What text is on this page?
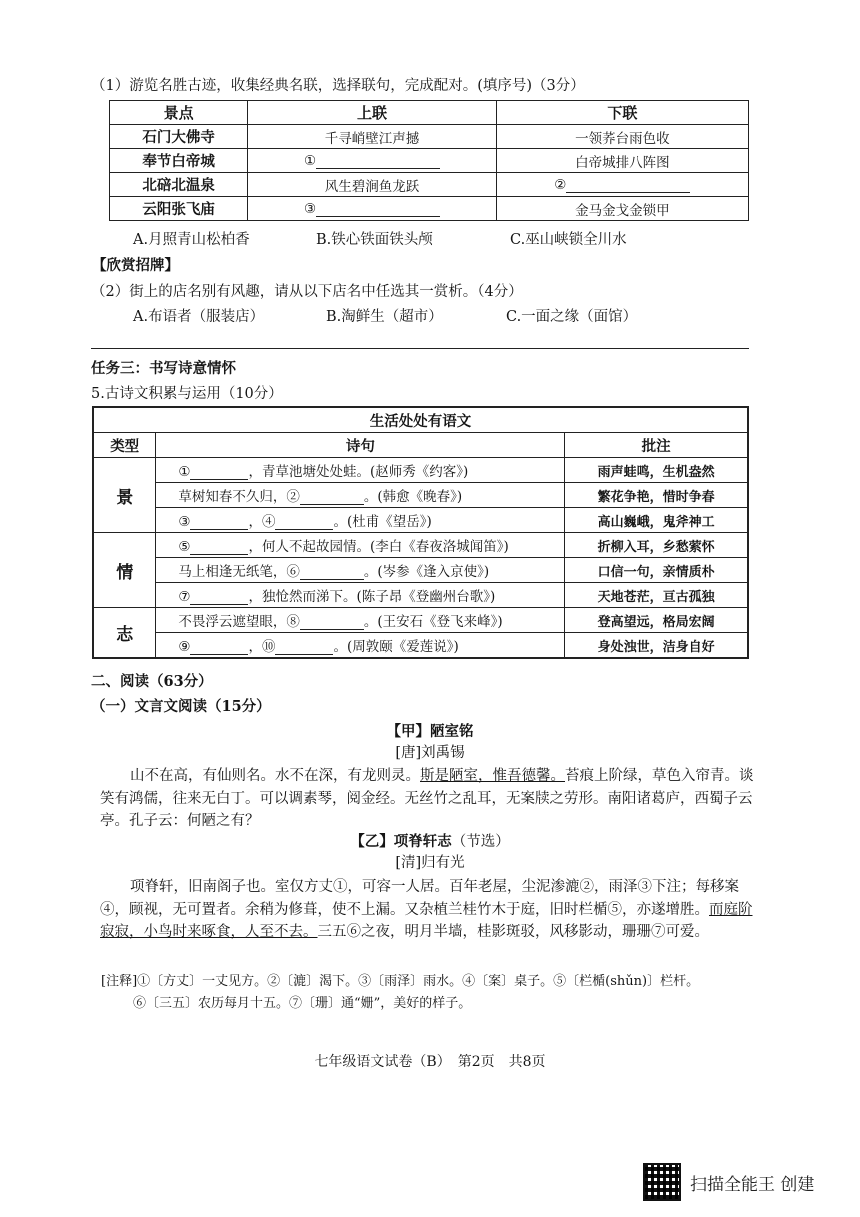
（1）游览名胜古迹，收集经典名联，选择联句，完成配对。(填序号)（3分）
景点	上联	下联
石门大佛寺	千寻峭壁江声撼	一领荞台雨色收
奉节白帝城	①	白帝城排八阵图
北碚北温泉	风生碧涧鱼龙跃	②
云阳张飞庙	③	金马金戈金锁甲
A.月照青山松柏香	B.铁心铁面铁头颅	C.巫山峡锁全川水
【欣赏招牌】
（2）街上的店名别有风趣，请从以下店名中任选其一赏析。（4分）
A.布语者（服装店）	B.淘鲜生（超市）	C.一面之缘（面馆）
任务三：书写诗意情怀
5.古诗文积累与运用（10分）
生活处处有语文		
类型	诗句	批注
景	① ，青草池塘处处蛙。(赵师秀《约客》)	雨声蛙鸣，生机盎然
	草树知春不久归，② 。(韩愈《晚春》)	繁花争艳，惜时争春
	③ ，④ 。(杜甫《望岳》)	高山巍峨，鬼斧神工
情	⑤ ，何人不起故园情。(李白《春夜洛城闻笛》)	折柳入耳，乡愁萦怀
	马上相逢无纸笔，⑥ 。(岑参《逢入京使》)	口信一句，亲情质朴
	⑦ ，独怆然而涕下。(陈子昂《登幽州台歌》)	天地苍茫，亘古孤独
志	不畏浮云遮望眼，⑧ 。(王安石《登飞来峰》)	登高望远，格局宏阔
	⑨ ，⑩ 。(周敦颐《爱莲说》)	身处浊世，洁身自好
二、阅读（63分）
（一）文言文阅读（15分）
【甲】陋室铭
[唐]刘禹锡
山不在高，有仙则名。水不在深，有龙则灵。斯是陋室，惟吾德馨。苔痕上阶绿，草色入帘青。谈笑有鸿儒，往来无白丁。可以调素琴，阅金经。无丝竹之乱耳，无案牍之劳形。南阳诸葛庐，西蜀子云亭。孔子云：何陋之有？
【乙】项脊轩志（节选）
[清]归有光
项脊轩，旧南阁子也。室仅方丈①，可容一人居。百年老屋，尘泥渗漉②，雨泽③下注；每移案④，顾视，无可置者。余稍为修葺，使不上漏。又杂植兰桂竹木于庭，旧时栏楯⑤，亦遂增胜。而庭阶寂寂，小鸟时来啄食，人至不去。三五⑥之夜，明月半墙，桂影斑驳，风移影动，珊珊⑦可爱。
[注释]①〔方丈〕一丈见方。②〔漉〕渴下。③〔雨泽〕雨水。④〔案〕桌子。⑤〔栏楯(shǔn)〕栏杆。
⑥〔三五〕农历每月十五。⑦〔珊〕通“姗”，美好的样子。
七年级语文试卷（B）　第2页　共8页
扫描全能王 创建
